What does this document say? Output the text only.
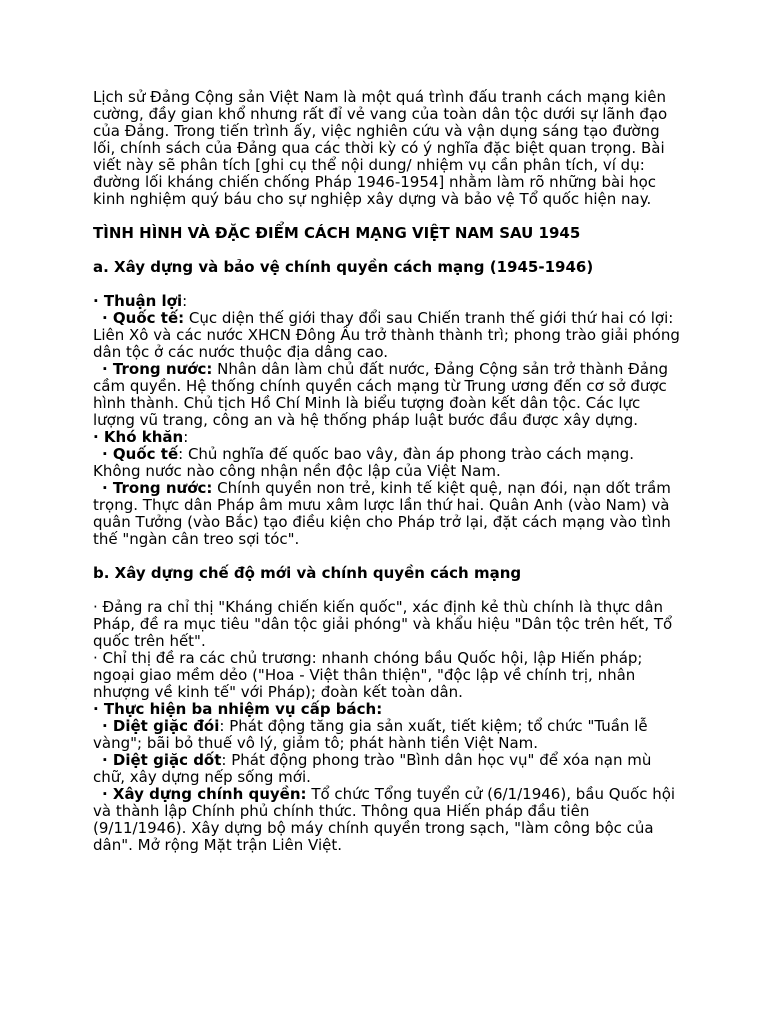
Lịch sử Đảng Cộng sản Việt Nam là một quá trình đấu tranh cách mạng kiên cường, đầy gian khổ nhưng rất đỉ vẻ vang của toàn dân tộc dưới sự lãnh đạo của Đảng. Trong tiến trình ấy, việc nghiên cứu và vận dụng sáng tạo đường lối, chính sách của Đảng qua các thời kỳ có ý nghĩa đặc biệt quan trọng. Bài viết này sẽ phân tích [ghi cụ thể nội dung/ nhiệm vụ cần phân tích, ví dụ: đường lối kháng chiến chống Pháp 1946-1954] nhằm làm rõ những bài học kinh nghiệm quý báu cho sự nghiệp xây dựng và bảo vệ Tổ quốc hiện nay.

TÌNH HÌNH VÀ ĐẶC ĐIỂM CÁCH MẠNG VIỆT NAM SAU 1945

a. Xây dựng và bảo vệ chính quyền cách mạng (1945-1946)

· Thuận lợi:

· Quốc tế: Cục diện thế giới thay đổi sau Chiến tranh thế giới thứ hai có lợi: Liên Xô và các nước XHCN Đông Âu trở thành thành trì; phong trào giải phóng dân tộc ở các nước thuộc địa dâng cao.

· Trong nước: Nhân dân làm chủ đất nước, Đảng Cộng sản trở thành Đảng cầm quyền. Hệ thống chính quyền cách mạng từ Trung ương đến cơ sở được hình thành. Chủ tịch Hồ Chí Minh là biểu tượng đoàn kết dân tộc. Các lực lượng vũ trang, công an và hệ thống pháp luật bước đầu được xây dựng.

· Khó khăn:

· Quốc tế: Chủ nghĩa đế quốc bao vây, đàn áp phong trào cách mạng. Không nước nào công nhận nền độc lập của Việt Nam.

· Trong nước: Chính quyền non trẻ, kinh tế kiệt quệ, nạn đói, nạn dốt trầm trọng. Thực dân Pháp âm mưu xâm lược lần thứ hai. Quân Anh (vào Nam) và quân Tưởng (vào Bắc) tạo điều kiện cho Pháp trở lại, đặt cách mạng vào tình thế "ngàn cân treo sợi tóc".

b. Xây dựng chế độ mới và chính quyền cách mạng

· Đảng ra chỉ thị "Kháng chiến kiến quốc", xác định kẻ thù chính là thực dân Pháp, đề ra mục tiêu "dân tộc giải phóng" và khẩu hiệu "Dân tộc trên hết, Tổ quốc trên hết".

· Chỉ thị đề ra các chủ trương: nhanh chóng bầu Quốc hội, lập Hiến pháp; ngoại giao mềm dẻo ("Hoa - Việt thân thiện", "độc lập về chính trị, nhân nhượng về kinh tế" với Pháp); đoàn kết toàn dân.

· Thực hiện ba nhiệm vụ cấp bách:

· Diệt giặc đói: Phát động tăng gia sản xuất, tiết kiệm; tổ chức "Tuần lễ vàng"; bãi bỏ thuế vô lý, giảm tô; phát hành tiền Việt Nam.

· Diệt giặc dốt: Phát động phong trào "Bình dân học vụ" để xóa nạn mù chữ, xây dựng nếp sống mới.

· Xây dựng chính quyền: Tổ chức Tổng tuyển cử (6/1/1946), bầu Quốc hội và thành lập Chính phủ chính thức. Thông qua Hiến pháp đầu tiên (9/11/1946). Xây dựng bộ máy chính quyền trong sạch, "làm công bộc của dân". Mở rộng Mặt trận Liên Việt.
